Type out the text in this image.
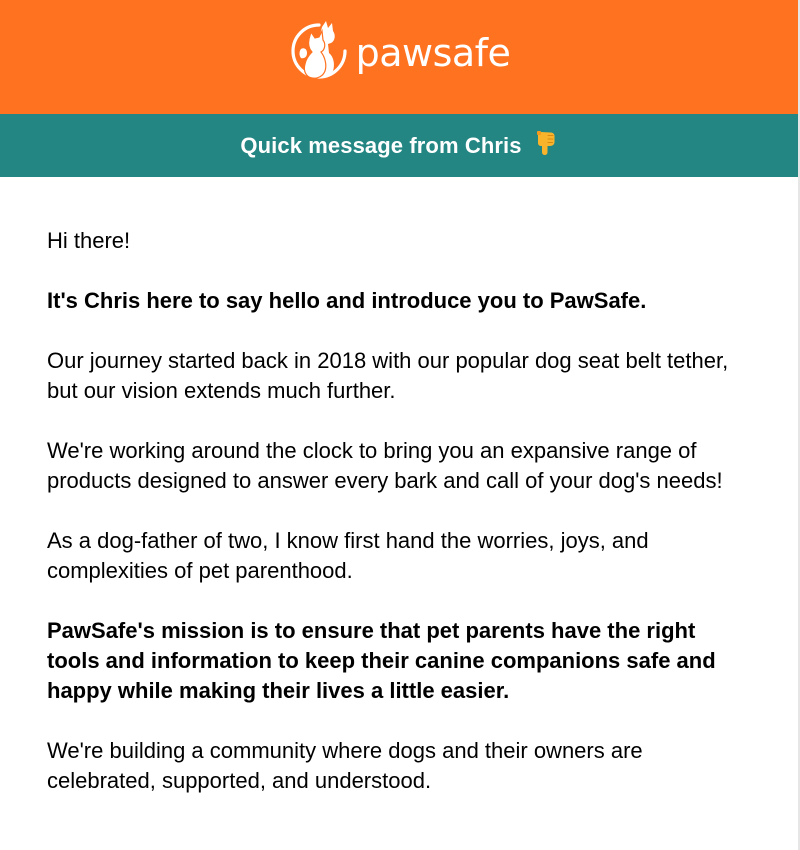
pawsafe
Quick message from Chris

Hi there!

It's Chris here to say hello and introduce you to PawSafe.

Our journey started back in 2018 with our popular dog seat belt tether, but our vision extends much further.

We're working around the clock to bring you an expansive range of products designed to answer every bark and call of your dog's needs!

As a dog-father of two, I know first hand the worries, joys, and complexities of pet parenthood.

PawSafe's mission is to ensure that pet parents have the right tools and information to keep their canine companions safe and happy while making their lives a little easier.

We're building a community where dogs and their owners are celebrated, supported, and understood.
